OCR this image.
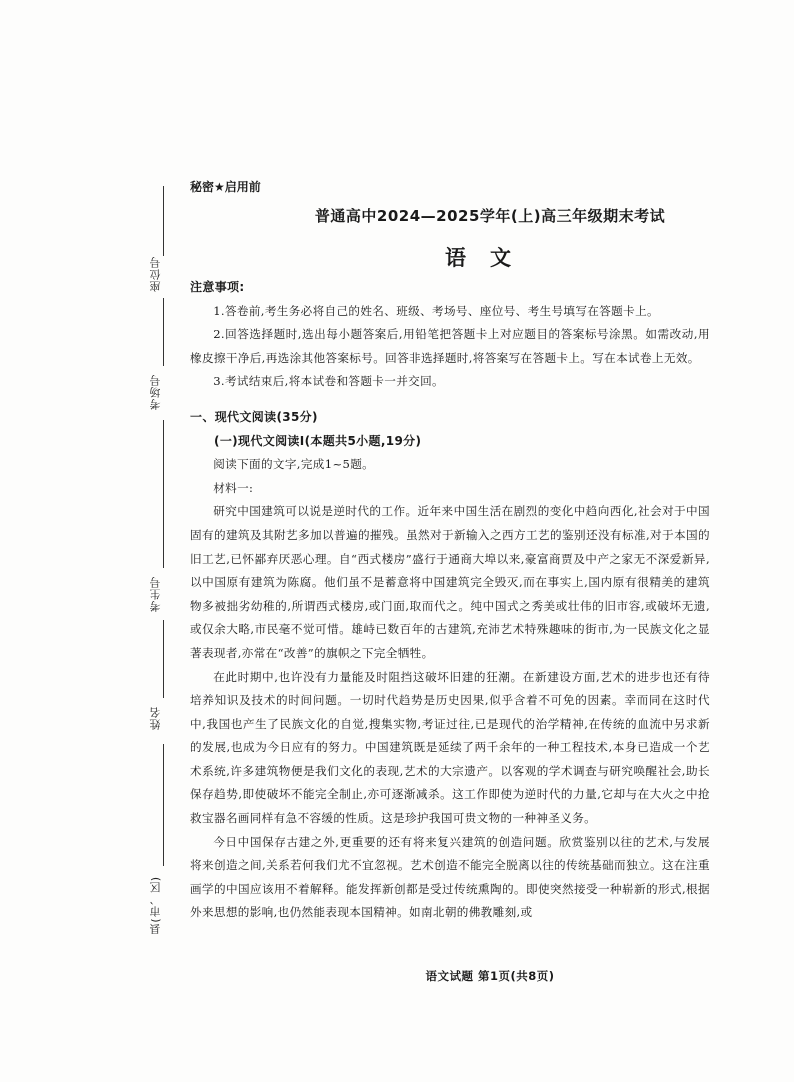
座位号
考场号
考生号
姓名
县(市、区)
秘密★启用前
普通高中2024—2025学年(上)高三年级期末考试
语文

注意事项:

1.答卷前,考生务必将自己的姓名、班级、考场号、座位号、考生号填写在答题卡上。

2.回答选择题时,选出每小题答案后,用铅笔把答题卡上对应题目的答案标号涂黑。如需改动,用橡皮擦干净后,再选涂其他答案标号。回答非选择题时,将答案写在答题卡上。写在本试卷上无效。

3.考试结束后,将本试卷和答题卡一并交回。

一、现代文阅读(35分)

(一)现代文阅读Ⅰ(本题共5小题,19分)

阅读下面的文字,完成1~5题。

材料一:

研究中国建筑可以说是逆时代的工作。近年来中国生活在剧烈的变化中趋向西化,社会对于中国固有的建筑及其附艺多加以普遍的摧残。虽然对于新输入之西方工艺的鉴别还没有标准,对于本国的旧工艺,已怀鄙弃厌恶心理。自“西式楼房”盛行于通商大埠以来,豪富商贾及中产之家无不深爱新异,以中国原有建筑为陈腐。他们虽不是蓄意将中国建筑完全毁灭,而在事实上,国内原有很精美的建筑物多被拙劣幼稚的,所谓西式楼房,或门面,取而代之。纯中国式之秀美或壮伟的旧市容,或破坏无遗,或仅余大略,市民毫不觉可惜。雄峙已数百年的古建筑,充沛艺术特殊趣味的街市,为一民族文化之显著表现者,亦常在“改善”的旗帜之下完全牺牲。

在此时期中,也许没有力量能及时阻挡这破坏旧建的狂潮。在新建设方面,艺术的进步也还有待培养知识及技术的时间问题。一切时代趋势是历史因果,似乎含着不可免的因素。幸而同在这时代中,我国也产生了民族文化的自觉,搜集实物,考证过往,已是现代的治学精神,在传统的血流中另求新的发展,也成为今日应有的努力。中国建筑既是延续了两千余年的一种工程技术,本身已造成一个艺术系统,许多建筑物便是我们文化的表现,艺术的大宗遗产。以客观的学术调查与研究唤醒社会,助长保存趋势,即使破坏不能完全制止,亦可逐渐减杀。这工作即使为逆时代的力量,它却与在大火之中抢救宝器名画同样有急不容缓的性质。这是珍护我国可贵文物的一种神圣义务。

今日中国保存古建之外,更重要的还有将来复兴建筑的创造问题。欣赏鉴别以往的艺术,与发展将来创造之间,关系若何我们尤不宜忽视。艺术创造不能完全脱离以往的传统基础而独立。这在注重画学的中国应该用不着解释。能发挥新创都是受过传统熏陶的。即使突然接受一种崭新的形式,根据外来思想的影响,也仍然能表现本国精神。如南北朝的佛教雕刻,或

语文试题 第1页(共8页)
